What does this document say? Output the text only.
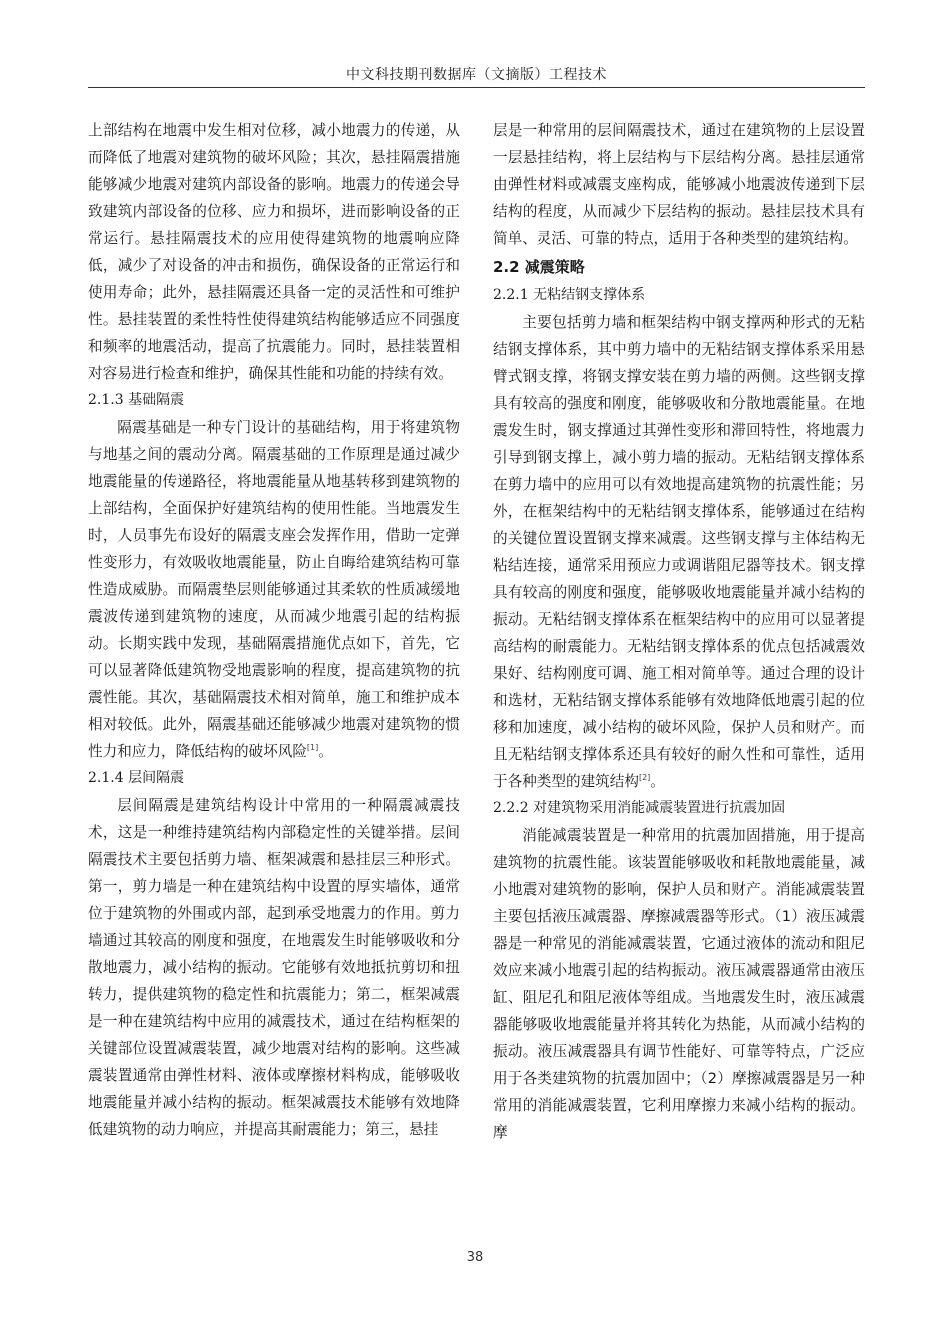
中文科技期刊数据库（文摘版）工程技术

上部结构在地震中发生相对位移，减小地震力的传递，从而降低了地震对建筑物的破坏风险；其次，悬挂隔震措施能够减少地震对建筑内部设备的影响。地震力的传递会导致建筑内部设备的位移、应力和损坏，进而影响设备的正常运行。悬挂隔震技术的应用使得建筑物的地震响应降低，减少了对设备的冲击和损伤，确保设备的正常运行和使用寿命；此外，悬挂隔震还具备一定的灵活性和可维护性。悬挂装置的柔性特性使得建筑结构能够适应不同强度和频率的地震活动，提高了抗震能力。同时，悬挂装置相对容易进行检查和维护，确保其性能和功能的持续有效。

2.1.3 基础隔震

隔震基础是一种专门设计的基础结构，用于将建筑物与地基之间的震动分离。隔震基础的工作原理是通过减少地震能量的传递路径，将地震能量从地基转移到建筑物的上部结构，全面保护好建筑结构的使用性能。当地震发生时，人员事先布设好的隔震支座会发挥作用，借助一定弹性变形力，有效吸收地震能量，防止自晦给建筑结构可靠性造成威胁。而隔震垫层则能够通过其柔软的性质减缓地震波传递到建筑物的速度，从而减少地震引起的结构振动。长期实践中发现，基础隔震措施优点如下，首先，它可以显著降低建筑物受地震影响的程度，提高建筑物的抗震性能。其次，基础隔震技术相对简单，施工和维护成本相对较低。此外，隔震基础还能够减少地震对建筑物的惯性力和应力，降低结构的破坏风险[1]。

2.1.4 层间隔震

层间隔震是建筑结构设计中常用的一种隔震减震技术，这是一种维持建筑结构内部稳定性的关键举措。层间隔震技术主要包括剪力墙、框架减震和悬挂层三种形式。第一，剪力墙是一种在建筑结构中设置的厚实墙体，通常位于建筑物的外围或内部，起到承受地震力的作用。剪力墙通过其较高的刚度和强度，在地震发生时能够吸收和分散地震力，减小结构的振动。它能够有效地抵抗剪切和扭转力，提供建筑物的稳定性和抗震能力；第二，框架减震是一种在建筑结构中应用的减震技术，通过在结构框架的关键部位设置减震装置，减少地震对结构的影响。这些减震装置通常由弹性材料、液体或摩擦材料构成，能够吸收地震能量并减小结构的振动。框架减震技术能够有效地降低建筑物的动力响应，并提高其耐震能力；第三，悬挂

层是一种常用的层间隔震技术，通过在建筑物的上层设置一层悬挂结构，将上层结构与下层结构分离。悬挂层通常由弹性材料或减震支座构成，能够减小地震波传递到下层结构的程度，从而减少下层结构的振动。悬挂层技术具有简单、灵活、可靠的特点，适用于各种类型的建筑结构。

2.2 减震策略

2.2.1 无粘结钢支撑体系

主要包括剪力墙和框架结构中钢支撑两种形式的无粘结钢支撑体系，其中剪力墙中的无粘结钢支撑体系采用悬臂式钢支撑，将钢支撑安装在剪力墙的两侧。这些钢支撑具有较高的强度和刚度，能够吸收和分散地震能量。在地震发生时，钢支撑通过其弹性变形和滞回特性，将地震力引导到钢支撑上，减小剪力墙的振动。无粘结钢支撑体系在剪力墙中的应用可以有效地提高建筑物的抗震性能；另外，在框架结构中的无粘结钢支撑体系，能够通过在结构的关键位置设置钢支撑来减震。这些钢支撑与主体结构无粘结连接，通常采用预应力或调谐阻尼器等技术。钢支撑具有较高的刚度和强度，能够吸收地震能量并减小结构的振动。无粘结钢支撑体系在框架结构中的应用可以显著提高结构的耐震能力。无粘结钢支撑体系的优点包括减震效果好、结构刚度可调、施工相对简单等。通过合理的设计和选材，无粘结钢支撑体系能够有效地降低地震引起的位移和加速度，减小结构的破坏风险，保护人员和财产。而且无粘结钢支撑体系还具有较好的耐久性和可靠性，适用于各种类型的建筑结构[2]。

2.2.2 对建筑物采用消能减震装置进行抗震加固

消能减震装置是一种常用的抗震加固措施，用于提高建筑物的抗震性能。该装置能够吸收和耗散地震能量，减小地震对建筑物的影响，保护人员和财产。消能减震装置主要包括液压减震器、摩擦减震器等形式。（1）液压减震器是一种常见的消能减震装置，它通过液体的流动和阻尼效应来减小地震引起的结构振动。液压减震器通常由液压缸、阻尼孔和阻尼液体等组成。当地震发生时，液压减震器能够吸收地震能量并将其转化为热能，从而减小结构的振动。液压减震器具有调节性能好、可靠等特点，广泛应用于各类建筑物的抗震加固中；（2）摩擦减震器是另一种常用的消能减震装置，它利用摩擦力来减小结构的振动。摩

38
